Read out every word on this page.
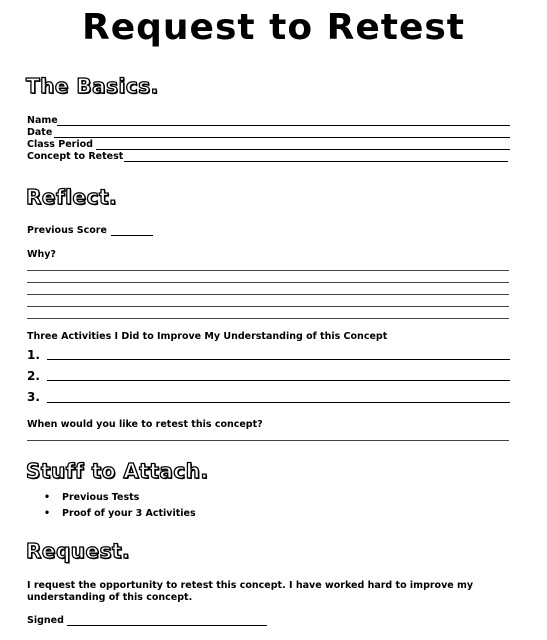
Request to Retest
The Basics.
Name
Date
Class Period
Concept to Retest
Reflect.
Previous Score
Why?
Three Activities I Did to Improve My Understanding of this Concept
1.
2.
3.
When would you like to retest this concept?
Stuff to Attach.
• Previous Tests
• Proof of your 3 Activities
Request.
I request the opportunity to retest this concept. I have worked hard to improve my understanding of this concept.
Signed
